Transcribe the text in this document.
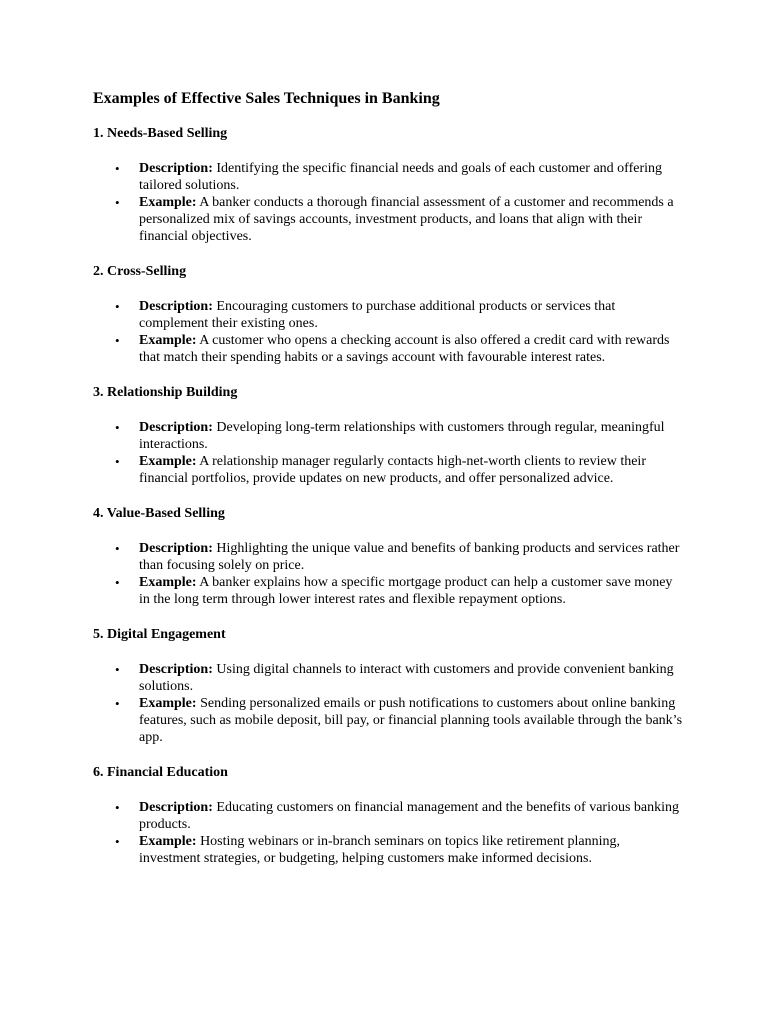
Examples of Effective Sales Techniques in Banking
1. Needs-Based Selling
• Description: Identifying the specific financial needs and goals of each customer and offering tailored solutions.
• Example: A banker conducts a thorough financial assessment of a customer and recommends a personalized mix of savings accounts, investment products, and loans that align with their financial objectives.
2. Cross-Selling
• Description: Encouraging customers to purchase additional products or services that complement their existing ones.
• Example: A customer who opens a checking account is also offered a credit card with rewards that match their spending habits or a savings account with favourable interest rates.
3. Relationship Building
• Description: Developing long-term relationships with customers through regular, meaningful interactions.
• Example: A relationship manager regularly contacts high-net-worth clients to review their financial portfolios, provide updates on new products, and offer personalized advice.
4. Value-Based Selling
• Description: Highlighting the unique value and benefits of banking products and services rather than focusing solely on price.
• Example: A banker explains how a specific mortgage product can help a customer save money in the long term through lower interest rates and flexible repayment options.
5. Digital Engagement
• Description: Using digital channels to interact with customers and provide convenient banking solutions.
• Example: Sending personalized emails or push notifications to customers about online banking features, such as mobile deposit, bill pay, or financial planning tools available through the bank’s app.
6. Financial Education
• Description: Educating customers on financial management and the benefits of various banking products.
• Example: Hosting webinars or in-branch seminars on topics like retirement planning, investment strategies, or budgeting, helping customers make informed decisions.
